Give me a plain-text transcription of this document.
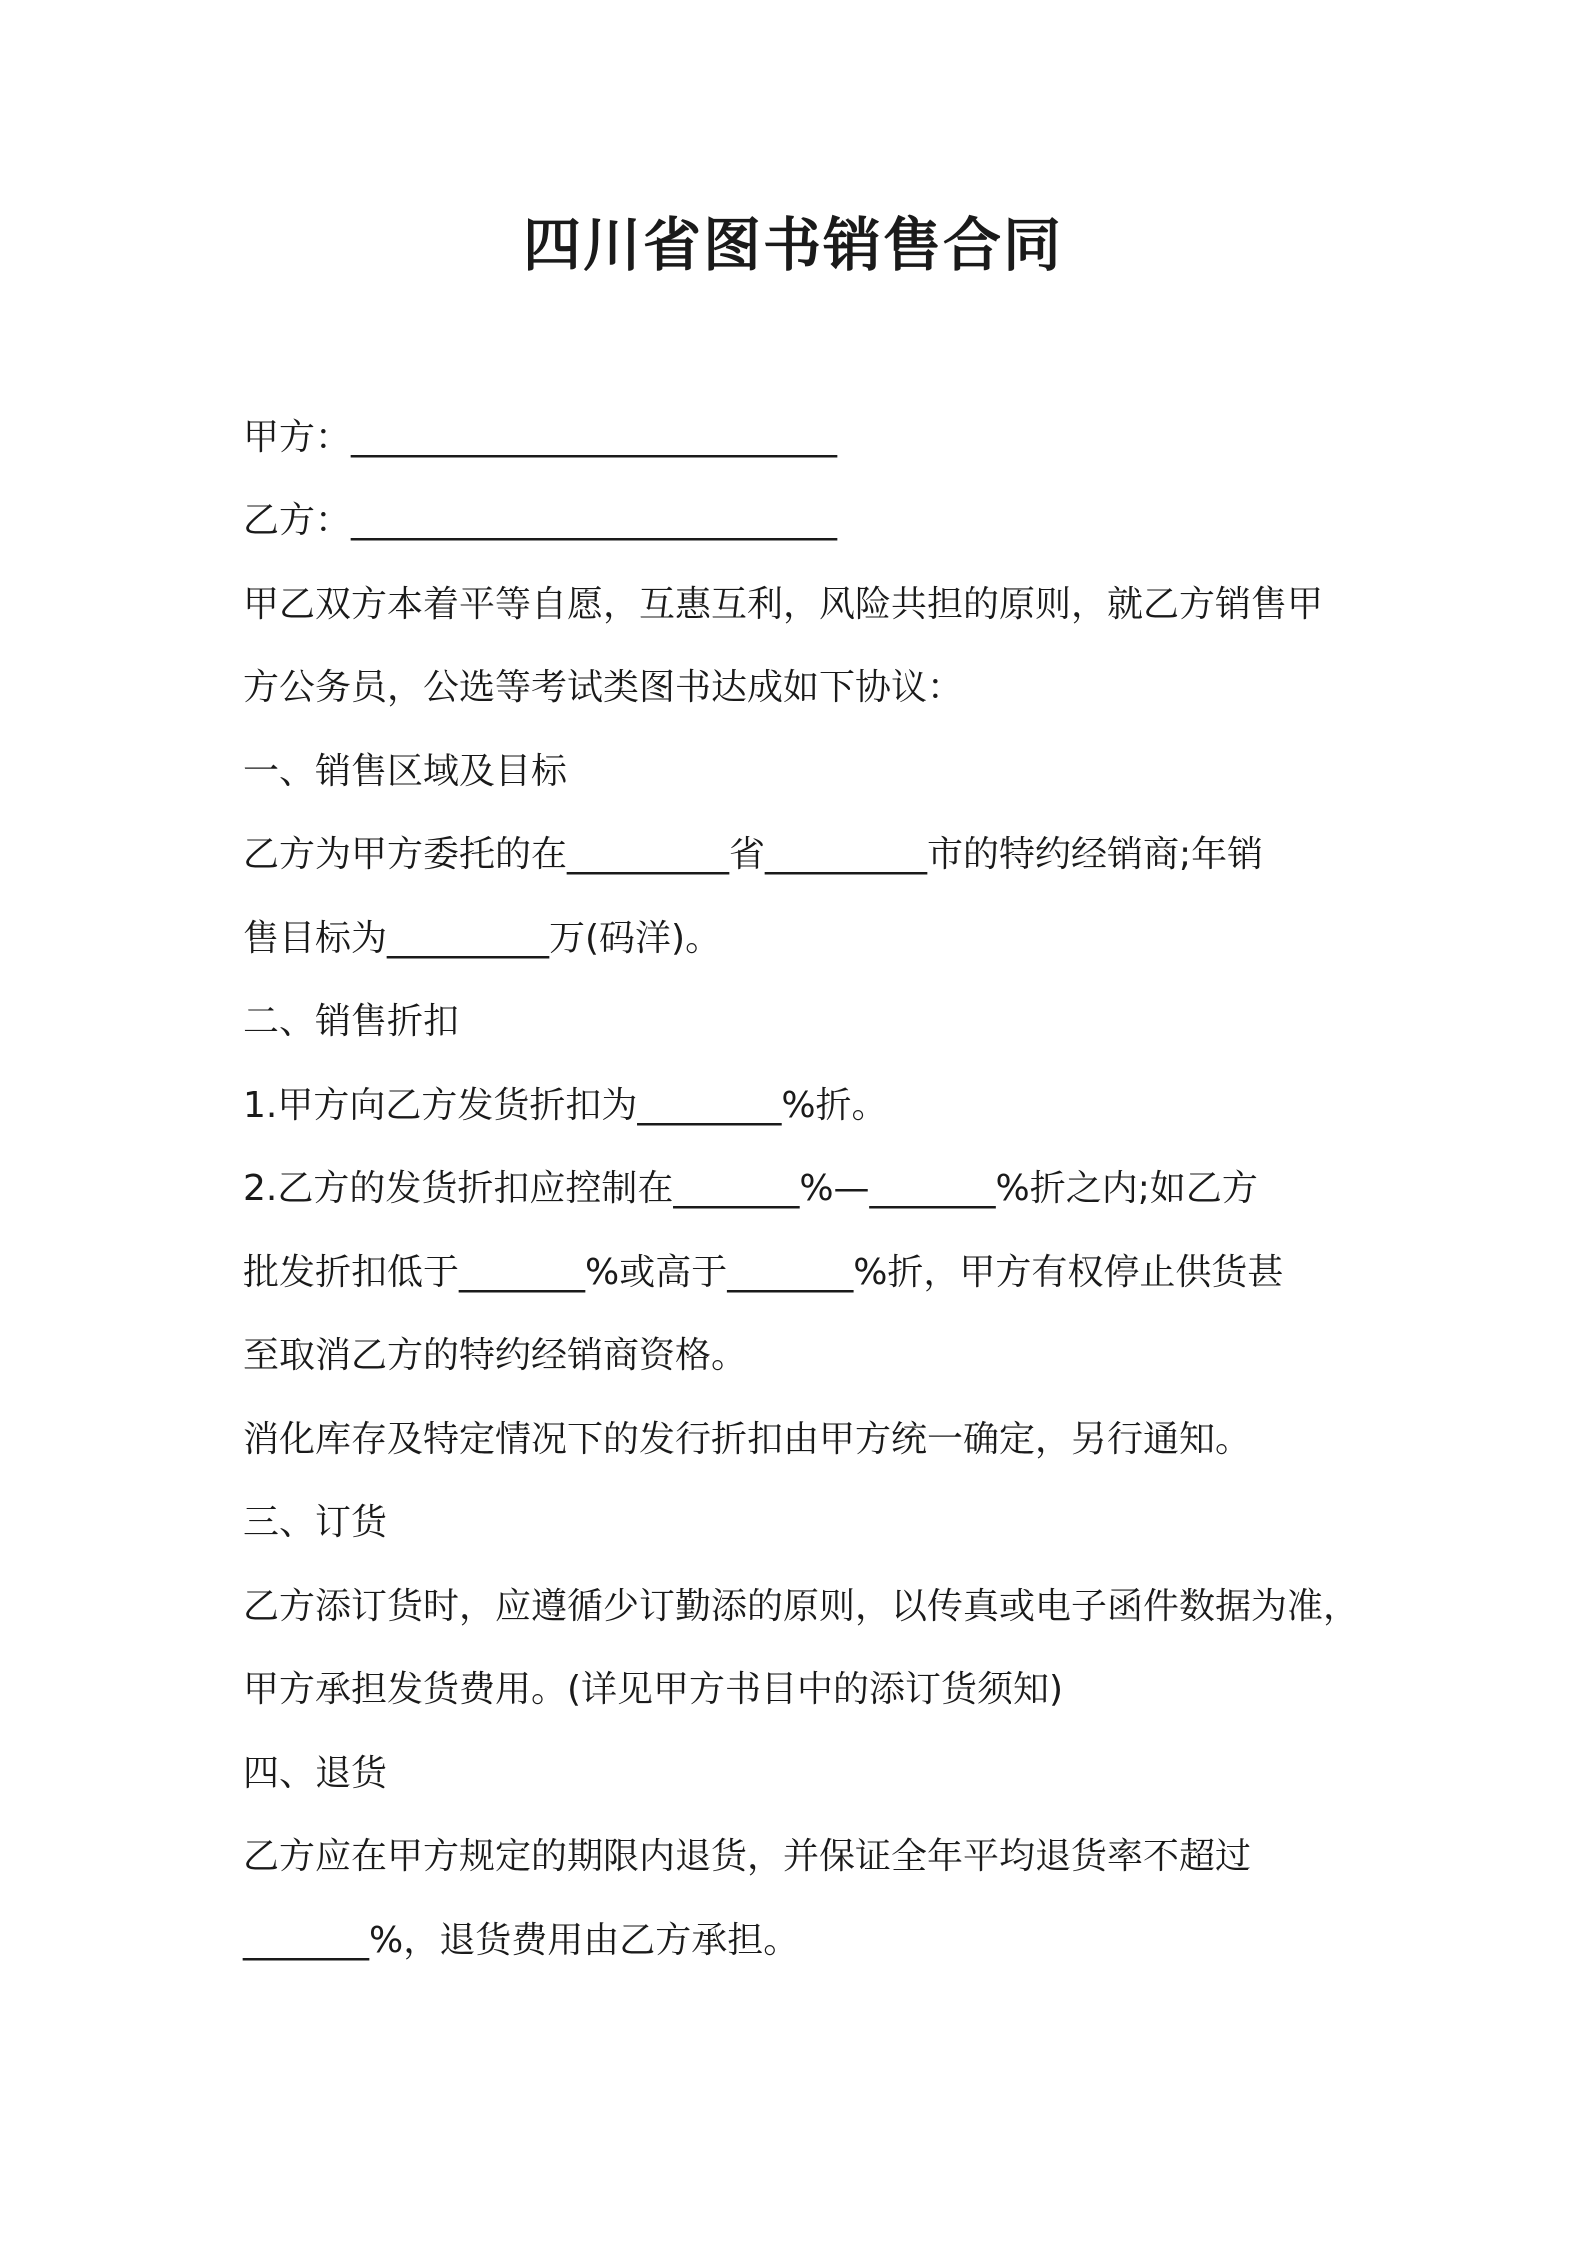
四川省图书销售合同
甲方：___________________________
乙方：___________________________
甲乙双方本着平等自愿，互惠互利，风险共担的原则，就乙方销售甲
方公务员，公选等考试类图书达成如下协议：
一、销售区域及目标
乙方为甲方委托的在_________省_________市的特约经销商;年销
售目标为_________万(码洋)。
二、销售折扣
1.甲方向乙方发货折扣为________%折。
2.乙方的发货折扣应控制在_______%—_______%折之内;如乙方
批发折扣低于_______%或高于_______%折，甲方有权停止供货甚
至取消乙方的特约经销商资格。
消化库存及特定情况下的发行折扣由甲方统一确定，另行通知。
三、订货
乙方添订货时，应遵循少订勤添的原则，以传真或电子函件数据为准，
甲方承担发货费用。(详见甲方书目中的添订货须知)
四、退货
乙方应在甲方规定的期限内退货，并保证全年平均退货率不超过
_______%，退货费用由乙方承担。
